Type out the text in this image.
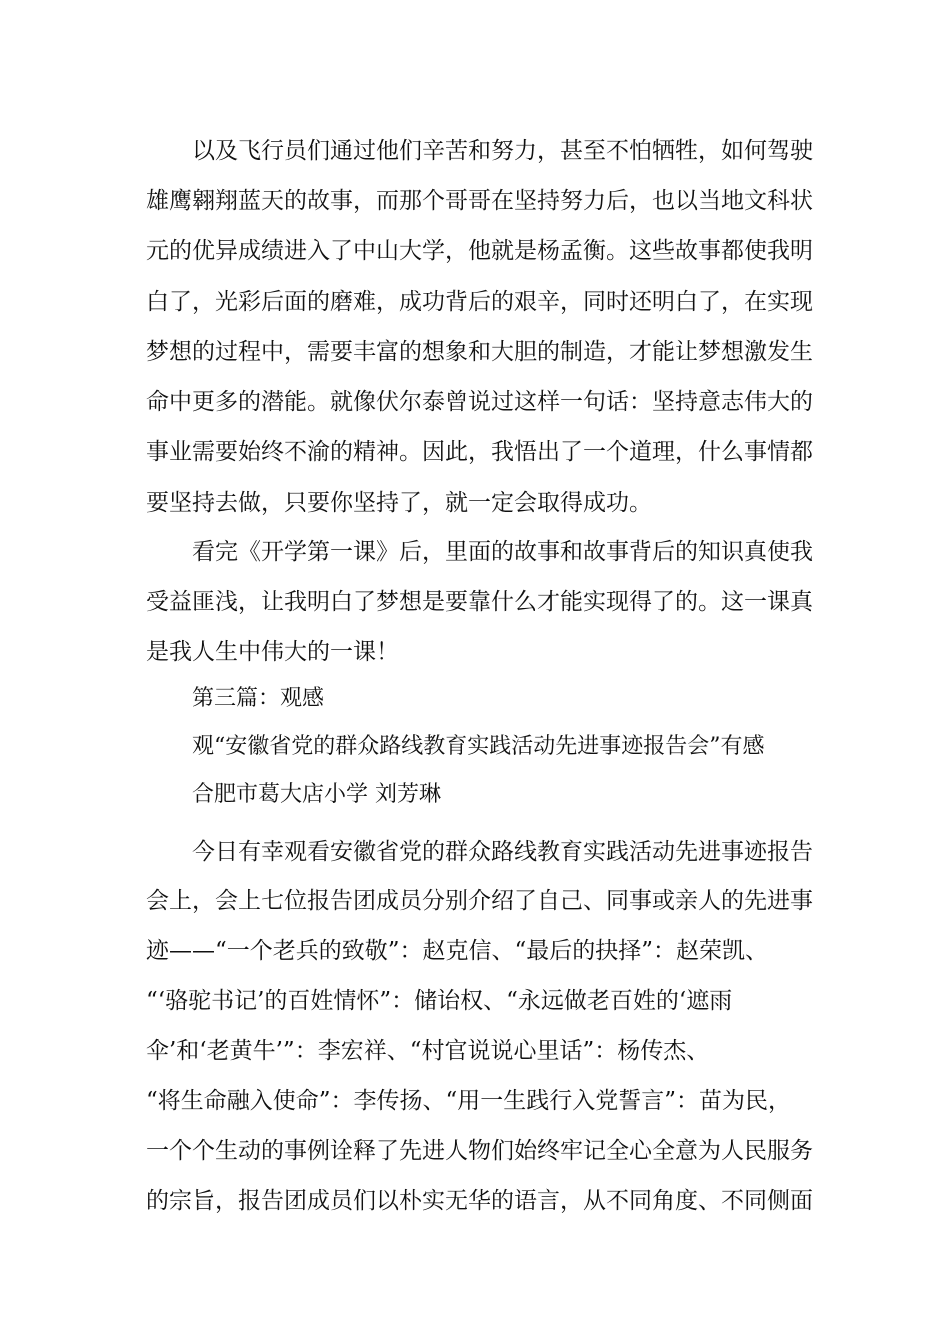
以及飞行员们通过他们辛苦和努力，甚至不怕牺牲，如何驾驶
雄鹰翱翔蓝天的故事，而那个哥哥在坚持努力后，也以当地文科状
元的优异成绩进入了中山大学，他就是杨孟衡。这些故事都使我明
白了，光彩后面的磨难，成功背后的艰辛，同时还明白了，在实现
梦想的过程中，需要丰富的想象和大胆的制造，才能让梦想激发生
命中更多的潜能。就像伏尔泰曾说过这样一句话：坚持意志伟大的
事业需要始终不渝的精神。因此，我悟出了一个道理，什么事情都
要坚持去做，只要你坚持了，就一定会取得成功。
看完《开学第一课》后，里面的故事和故事背后的知识真使我
受益匪浅，让我明白了梦想是要靠什么才能实现得了的。这一课真
是我人生中伟大的一课！
第三篇：观感
观“安徽省党的群众路线教育实践活动先进事迹报告会”有感
合肥市葛大店小学 刘芳琳
今日有幸观看安徽省党的群众路线教育实践活动先进事迹报告
会上，会上七位报告团成员分别介绍了自己、同事或亲人的先进事
迹——“一个老兵的致敬”：赵克信、“最后的抉择”：赵荣凯、
“‘骆驼书记’的百姓情怀”：储诒权、“永远做老百姓的‘遮雨
伞’和‘老黄牛’”：李宏祥、“村官说说心里话”：杨传杰、
“将生命融入使命”：李传扬、“用一生践行入党誓言”：苗为民，
一个个生动的事例诠释了先进人物们始终牢记全心全意为人民服务
的宗旨，报告团成员们以朴实无华的语言，从不同角度、不同侧面
